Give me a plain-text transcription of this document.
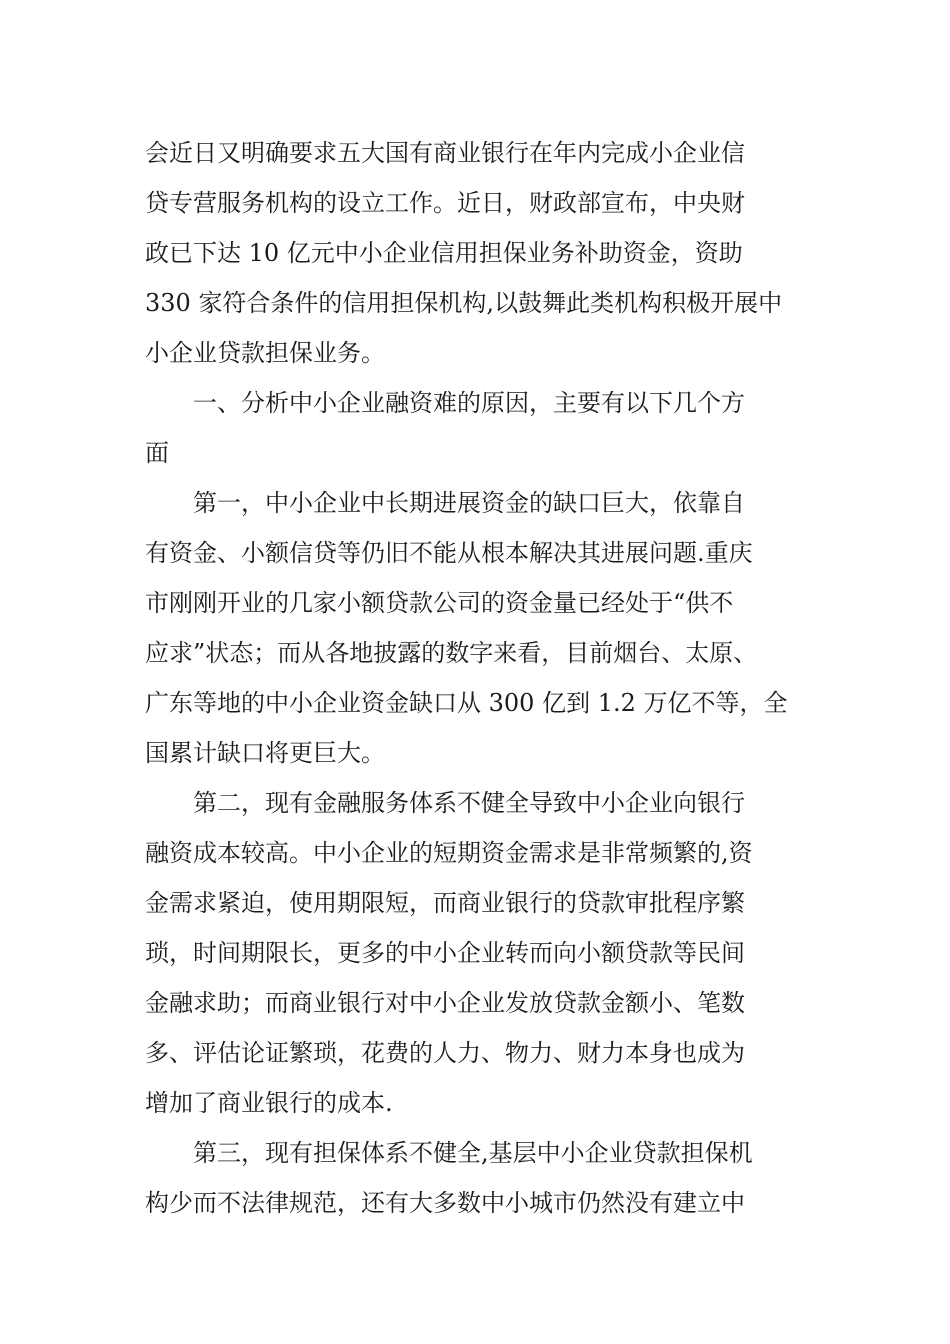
会近日又明确要求五大国有商业银行在年内完成小企业信
贷专营服务机构的设立工作。近日，财政部宣布，中央财
政已下达 10 亿元中小企业信用担保业务补助资金，资助
330 家符合条件的信用担保机构,以鼓舞此类机构积极开展中
小企业贷款担保业务。
一、分析中小企业融资难的原因，主要有以下几个方
面
第一，中小企业中长期进展资金的缺口巨大，依靠自
有资金、小额信贷等仍旧不能从根本解决其进展问题.重庆
市刚刚开业的几家小额贷款公司的资金量已经处于“供不
应求”状态；而从各地披露的数字来看，目前烟台、太原、
广东等地的中小企业资金缺口从 300 亿到 1.2 万亿不等，全
国累计缺口将更巨大。
第二，现有金融服务体系不健全导致中小企业向银行
融资成本较高。中小企业的短期资金需求是非常频繁的,资
金需求紧迫，使用期限短，而商业银行的贷款审批程序繁
琐，时间期限长，更多的中小企业转而向小额贷款等民间
金融求助；而商业银行对中小企业发放贷款金额小、笔数
多、评估论证繁琐，花费的人力、物力、财力本身也成为
增加了商业银行的成本.
第三，现有担保体系不健全,基层中小企业贷款担保机
构少而不法律规范，还有大多数中小城市仍然没有建立中
